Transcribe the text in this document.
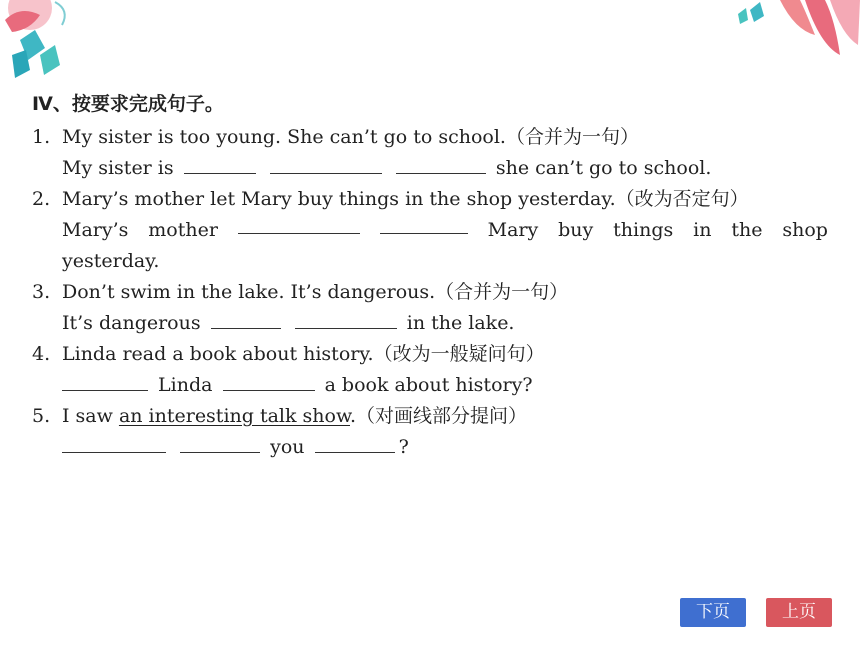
Ⅳ、按要求完成句子。
1. My sister is too young. She can’t go to school.（合并为一句）
My sister is	she can’t go to school.
2. Mary’s mother let Mary buy things in the shop yesterday.（改为否定句）
Mary’s mother	Mary buy things in the shop
yesterday.
3. Don’t swim in the lake. It’s dangerous.（合并为一句）
It’s dangerous	in the lake.
4. Linda read a book about history.（改为一般疑问句）
Linda	a book about history?
5. I saw an interesting talk show.（对画线部分提问）
you	?
下页	上页
